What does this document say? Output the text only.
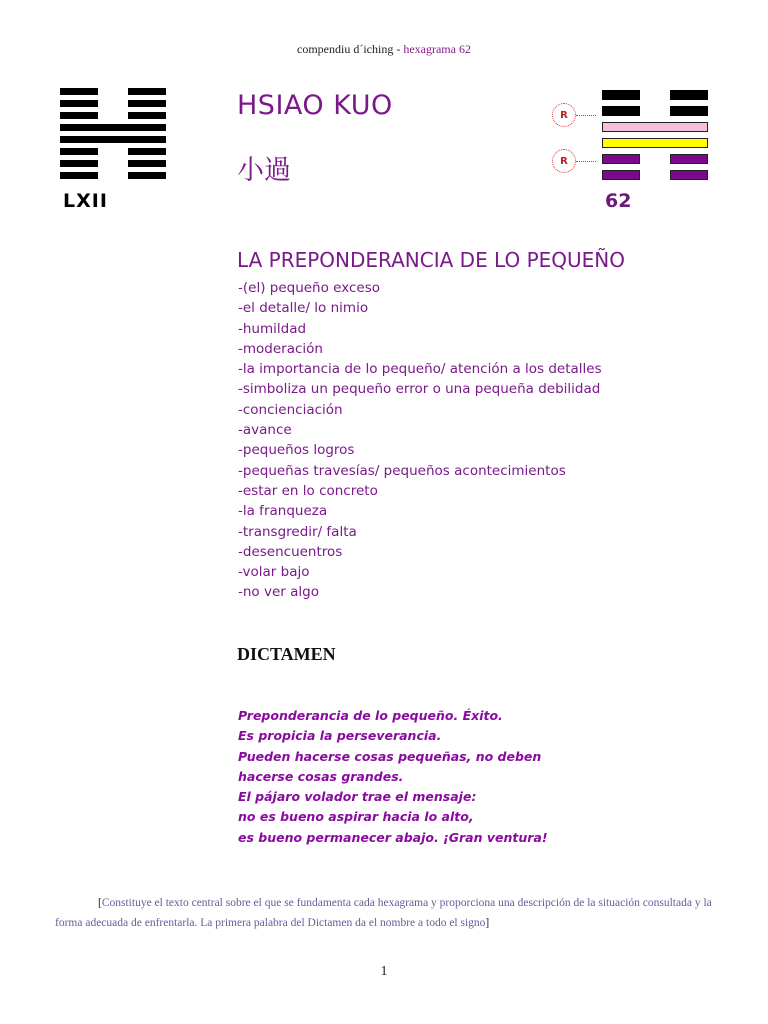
compendiu d´iching - hexagrama 62
LXII
HSIAO KUO
小過
R
R
62
LA PREPONDERANCIA DE LO PEQUEÑO
-(el) pequeño exceso
-el detalle/ lo nimio
-humildad
-moderación
-la importancia de lo pequeño/ atención a los detalles
-simboliza un pequeño error o una pequeña debilidad
-concienciación
-avance
-pequeños logros
-pequeñas travesías/ pequeños acontecimientos
-estar en lo concreto
-la franqueza
-transgredir/ falta
-desencuentros
-volar bajo
-no ver algo
DICTAMEN
Preponderancia de lo pequeño. Éxito.
Es propicia la perseverancia.
Pueden hacerse cosas pequeñas, no deben
hacerse cosas grandes.
El pájaro volador trae el mensaje:
no es bueno aspirar hacia lo alto,
es bueno permanecer abajo. ¡Gran ventura!
[Constituye el texto central sobre el que se fundamenta cada hexagrama y proporciona una descripción de la situación consultada y la forma adecuada de enfrentarla. La primera palabra del Dictamen da el nombre a todo el signo]
1
